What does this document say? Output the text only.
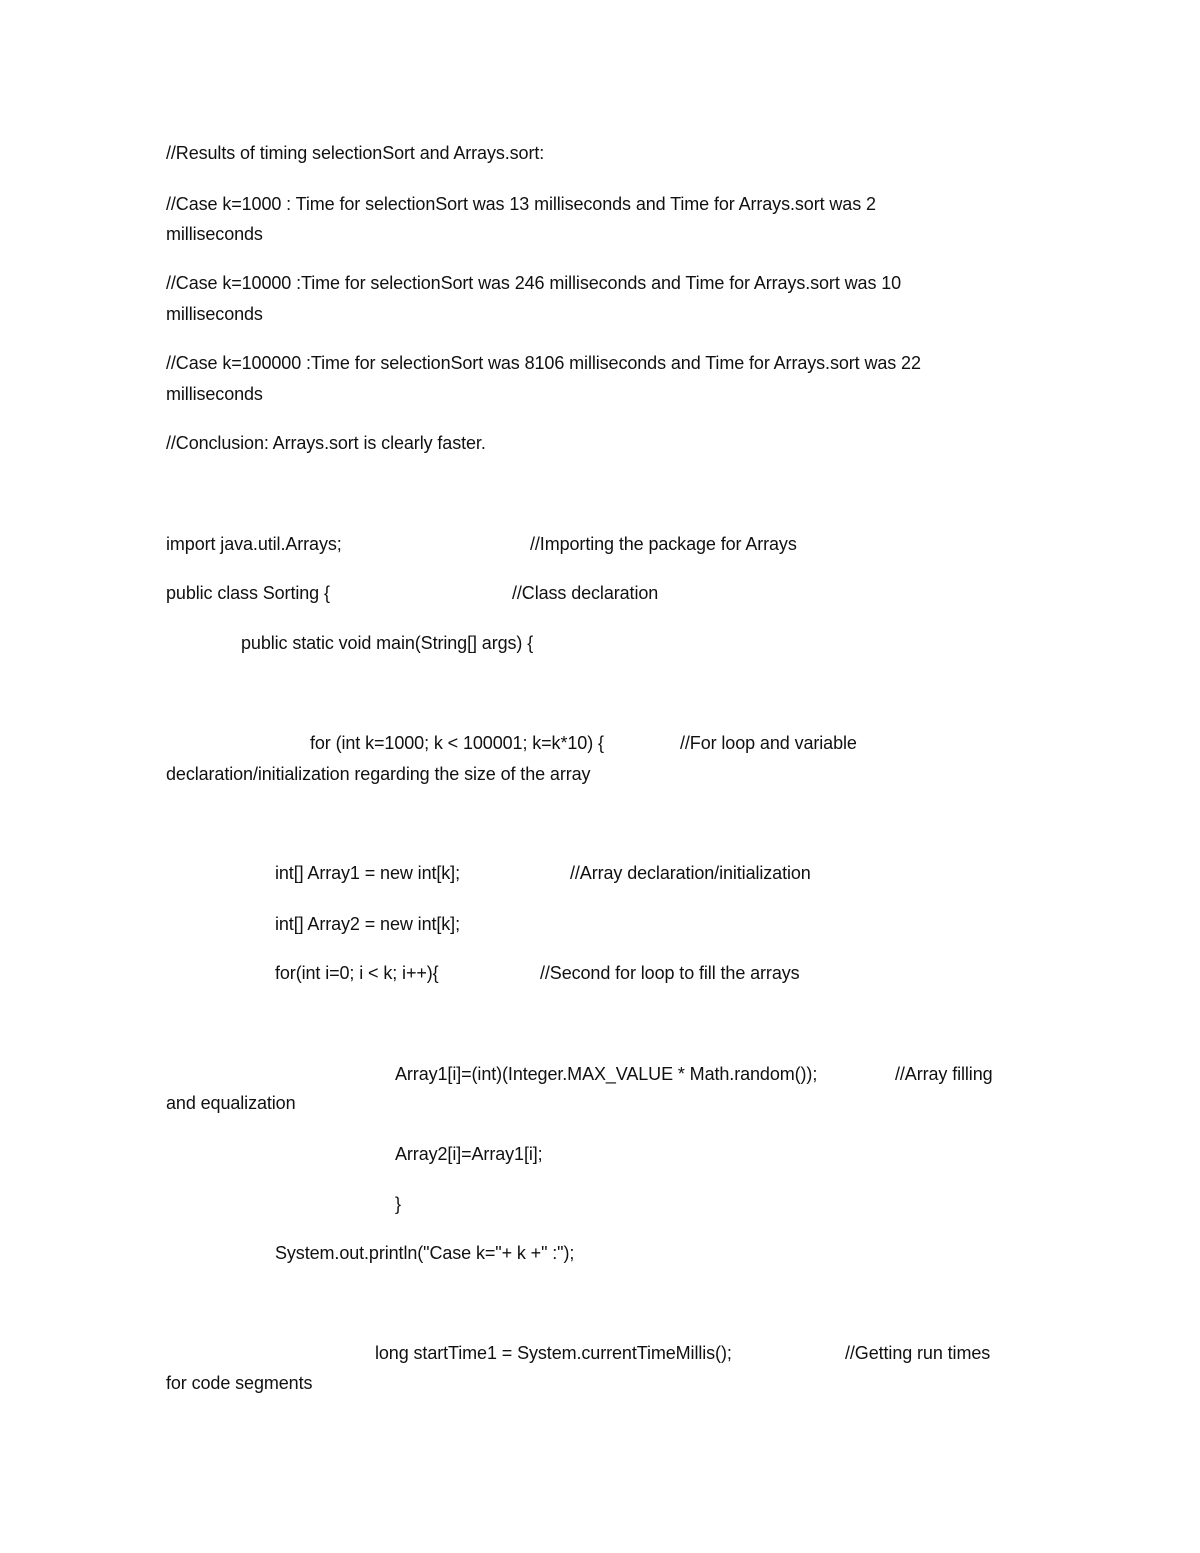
//Results of timing selectionSort and Arrays.sort:
//Case k=1000 : Time for selectionSort was 13 milliseconds and Time for Arrays.sort was 2
milliseconds
//Case k=10000 :Time for selectionSort was 246 milliseconds and Time for Arrays.sort was 10
milliseconds
//Case k=100000 :Time for selectionSort was 8106 milliseconds and Time for Arrays.sort was 22
milliseconds
//Conclusion: Arrays.sort is clearly faster.
import java.util.Arrays;	//Importing the package for Arrays
public class Sorting {	//Class declaration
public static void main(String[] args) {
for (int k=1000; k < 100001; k=k*10) {	//For loop and variable
declaration/initialization regarding the size of the array
int[] Array1 = new int[k];	//Array declaration/initialization
int[] Array2 = new int[k];
for(int i=0; i < k; i++){	//Second for loop to fill the arrays
Array1[i]=(int)(Integer.MAX_VALUE * Math.random());	//Array filling
and equalization
Array2[i]=Array1[i];
}
System.out.println("Case k="+ k +" :");
long startTime1 = System.currentTimeMillis();	//Getting run times
for code segments
